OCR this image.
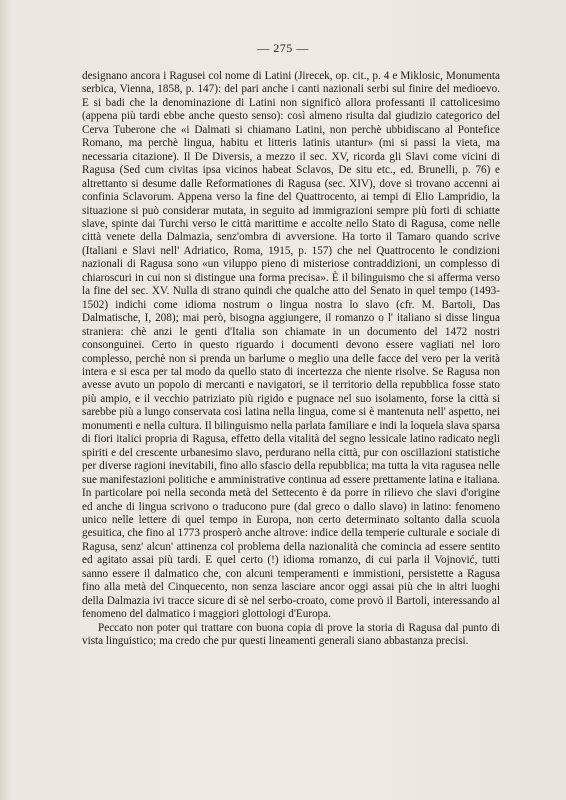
— 275 —

designano ancora i Ragusei col nome di Latini (Jirecek, op. cit., p. 4 e Miklosic, Monumenta serbica, Vienna, 1858, p. 147): del pari anche i canti nazionali serbi sul finire del medioevo. E si badi che la denominazione di Latini non significò allora professanti il cattolicesimo (appena più tardi ebbe anche questo senso): così almeno risulta dal giudizio categorico del Cerva Tuberone che «i Dalmati si chiamano Latini, non perchè ubbidiscano al Pontefice Romano, ma perchè lingua, habitu et litteris latinis utantur» (mi si passi la vieta, ma necessaria citazione). Il De Diversis, a mezzo il sec. XV, ricorda gli Slavi come vicini di Ragusa (Sed cum civitas ipsa vicinos habeat Sclavos, De situ etc., ed. Brunelli, p. 76) e altrettanto si desume dalle Reformationes di Ragusa (sec. XIV), dove si trovano accenni ai confinia Sclavorum. Appena verso la fine del Quattrocento, ai tempi di Elio Lampridio, la situazione si può considerar mutata, in seguito ad immigrazioni sempre più forti di schiatte slave, spinte dai Turchi verso le città marittime e accolte nello Stato di Ragusa, come nelle città venete della Dalmazia, senz'ombra di avversione. Ha torto il Tamaro quando scrive (Italiani e Slavi nell' Adriatico, Roma, 1915, p. 157) che nel Quattrocento le condizioni nazionali di Ragusa sono «un viluppo pieno di misteriose contraddizioni, un complesso di chiaroscuri in cui non si distingue una forma precisa». È il bilinguismo che si afferma verso la fine del sec. XV. Nulla di strano quindi che qualche atto del Senato in quel tempo (1493-1502) indichi come idioma nostrum o lingua nostra lo slavo (cfr. M. Bartoli, Das Dalmatische, I, 208); mai però, bisogna aggiungere, il romanzo o l' italiano si disse lingua straniera: chè anzi le genti d'Italia son chiamate in un documento del 1472 nostri consonguinei. Certo in questo riguardo i documenti devono essere vagliati nel loro complesso, perchè non si prenda un barlume o meglio una delle facce del vero per la verità intera e si esca per tal modo da quello stato di incertezza che niente risolve. Se Ragusa non avesse avuto un popolo di mercanti e navigatori, se il territorio della repubblica fosse stato più ampio, e il vecchio patriziato più rigido e pugnace nel suo isolamento, forse la città si sarebbe più a lungo conservata così latina nella lingua, come si è mantenuta nell' aspetto, nei monumenti e nella cultura. Il bilinguismo nella parlata familiare e indi la loquela slava sparsa di fiori italici propria di Ragusa, effetto della vitalità del segno lessicale latino radicato negli spiriti e del crescente urbanesimo slavo, perdurano nella città, pur con oscillazioni statistiche per diverse ragioni inevitabili, fino allo sfascio della repubblica; ma tutta la vita ragusea nelle sue manifestazioni politiche e amministrative continua ad essere prettamente latina e italiana. In particolare poi nella seconda metà del Settecento è da porre in rilievo che slavi d'origine ed anche di lingua scrivono o traducono pure (dal greco o dallo slavo) in latino: fenomeno unico nelle lettere di quel tempo in Europa, non certo determinato soltanto dalla scuola gesuitica, che fino al 1773 prosperò anche altrove: indice della temperie culturale e sociale di Ragusa, senz' alcun' attinenza col problema della nazionalità che comincia ad essere sentito ed agitato assai più tardi. E quel certo (!) idioma romanzo, di cui parla il Vojnović, tutti sanno essere il dalmatico che, con alcuni temperamenti e immistioni, persistette a Ragusa fino alla metà del Cinquecento, non senza lasciare ancor oggi assai più che in altri luoghi della Dalmazia ivi tracce sicure di sè nel serbo-croato, come provò il Bartoli, interessando al fenomeno del dalmatico i maggiori glottologi d'Europa.

Peccato non poter qui trattare con buona copia di prove la storia di Ragusa dal punto di vista linguistico; ma credo che pur questi lineamenti generali siano abbastanza precisi.
